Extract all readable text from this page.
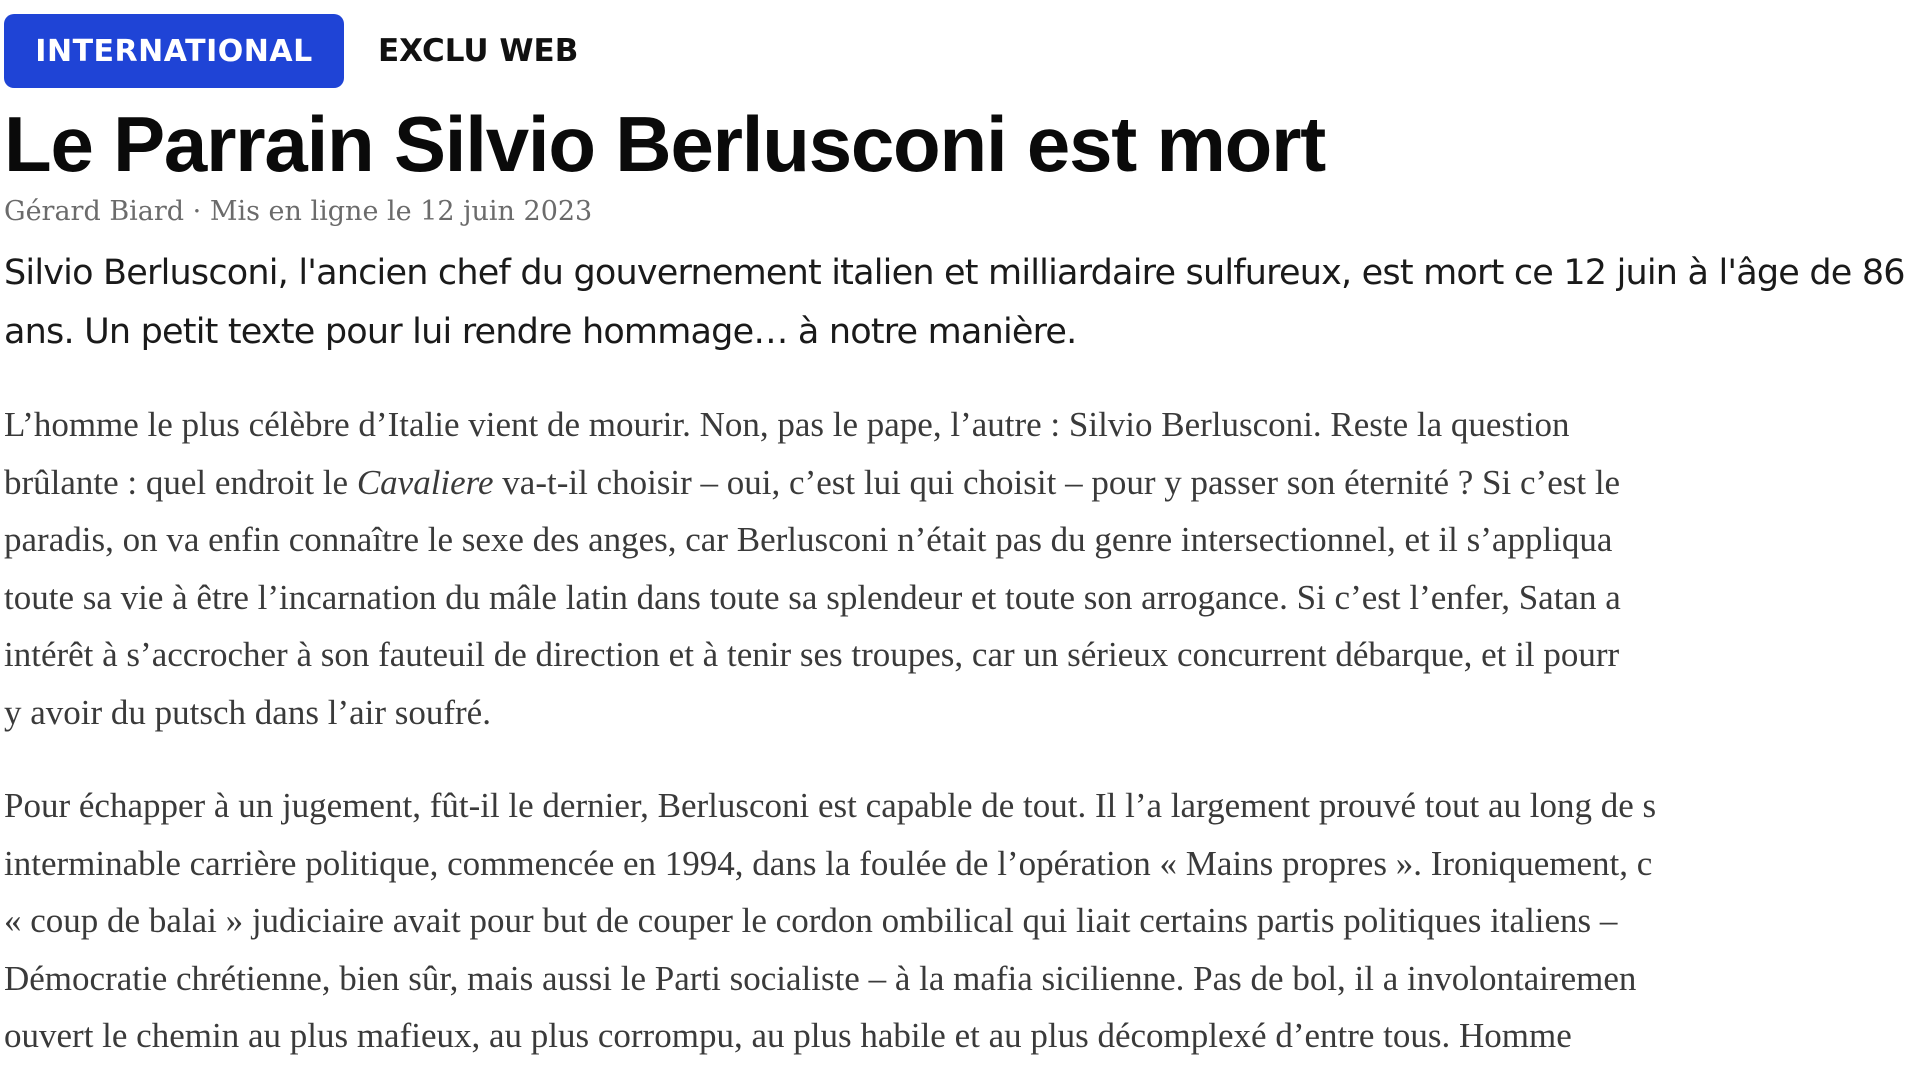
INTERNATIONAL	EXCLU WEB
Le Parrain Silvio Berlusconi est mort
Gérard Biard · Mis en ligne le 12 juin 2023
Silvio Berlusconi, l'ancien chef du gouvernement italien et milliardaire sulfureux, est mort ce 12 juin à l'âge de 86
ans. Un petit texte pour lui rendre hommage… à notre manière.
L’homme le plus célèbre d’Italie vient de mourir. Non, pas le pape, l’autre : Silvio Berlusconi. Reste la question
brûlante : quel endroit le Cavaliere va-t-il choisir – oui, c’est lui qui choisit – pour y passer son éternité ? Si c’est le
paradis, on va enfin connaître le sexe des anges, car Berlusconi n’était pas du genre intersectionnel, et il s’appliqua
toute sa vie à être l’incarnation du mâle latin dans toute sa splendeur et toute son arrogance. Si c’est l’enfer, Satan a
intérêt à s’accrocher à son fauteuil de direction et à tenir ses troupes, car un sérieux concurrent débarque, et il pourr
y avoir du putsch dans l’air soufré.
Pour échapper à un jugement, fût-il le dernier, Berlusconi est capable de tout. Il l’a largement prouvé tout au long de s
interminable carrière politique, commencée en 1994, dans la foulée de l’opération « Mains propres ». Ironiquement, c
« coup de balai » judiciaire avait pour but de couper le cordon ombilical qui liait certains partis politiques italiens –
Démocratie chrétienne, bien sûr, mais aussi le Parti socialiste – à la mafia sicilienne. Pas de bol, il a involontairemen
ouvert le chemin au plus mafieux, au plus corrompu, au plus habile et au plus décomplexé d’entre tous. Homme
